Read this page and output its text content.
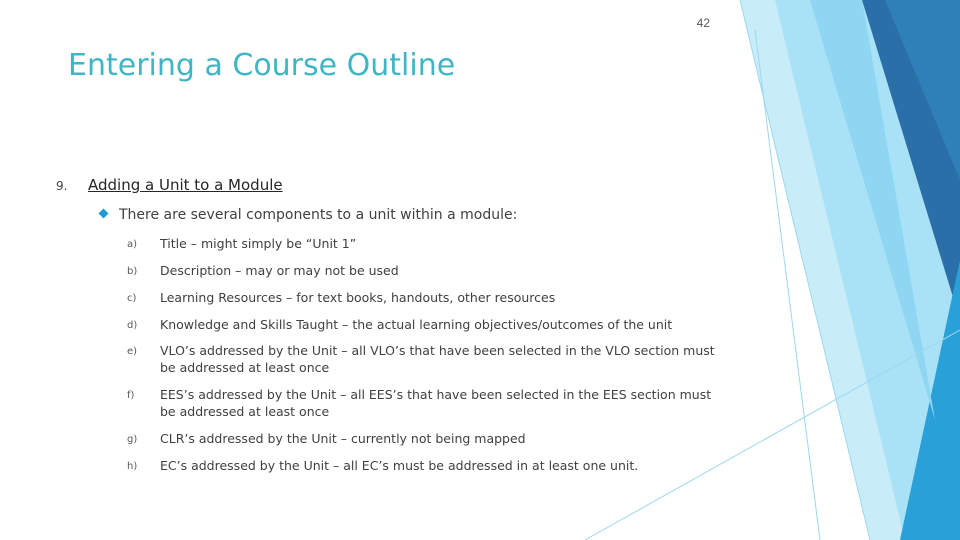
42
Entering a Course Outline
9. Adding a Unit to a Module
There are several components to a unit within a module:
a)	Title – might simply be “Unit 1”
b)	Description – may or may not be used
c)	Learning Resources – for text books, handouts, other resources
d)	Knowledge and Skills Taught – the actual learning objectives/outcomes of the unit
e)	VLO’s addressed by the Unit – all VLO’s that have been selected in the VLO section must be addressed at least once
f)	EES’s addressed by the Unit – all EES’s that have been selected in the EES section must be addressed at least once
g)	CLR’s addressed by the Unit – currently not being mapped
h)	EC’s addressed by the Unit – all EC’s must be addressed in at least one unit.
